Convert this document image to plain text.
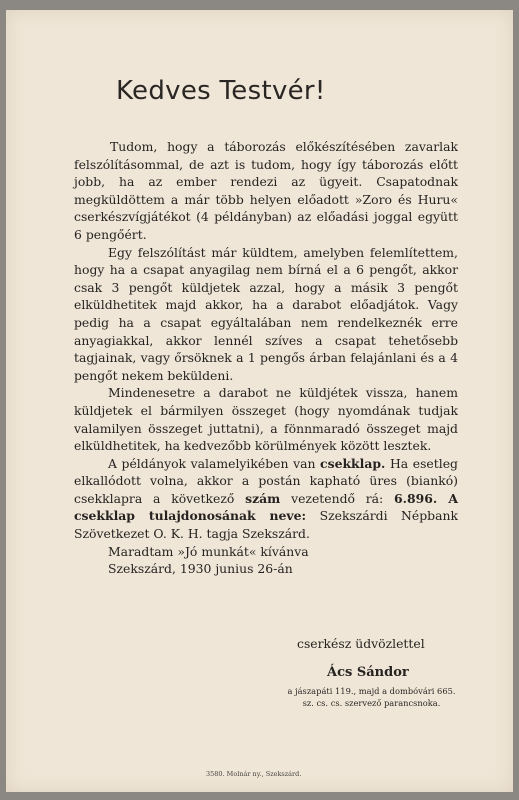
Kedves Testvér!

Tudom, hogy a táborozás előkészítésében zavarlak felszólításommal, de azt is tudom, hogy így táborozás előtt jobb, ha az ember rendezi az ügyeit. Csapatodnak megküldöttem a már több helyen előadott »Zoro és Huru« cserkészvígjátékot (4 példányban) az előadási joggal együtt 6 pengőért.

Egy felszólítást már küldtem, amelyben felemlítettem, hogy ha a csapat anyagilag nem bírná el a 6 pengőt, akkor csak 3 pengőt küldjetek azzal, hogy a másik 3 pengőt elküldhetitek majd akkor, ha a darabot előadjátok. Vagy pedig ha a csapat egyáltalában nem rendelkeznék erre anyagiakkal, akkor lennél szíves a csapat tehetősebb tagjainak, vagy őrsöknek a 1 pengős árban felajánlani és a 4 pengőt nekem beküldeni.

Mindenesetre a darabot ne küldjétek vissza, hanem küldjetek el bármilyen összeget (hogy nyomdának tudjak valamilyen összeget juttatni), a fönnmaradó összeget majd elküldhetitek, ha kedvezőbb körülmények között lesztek.

A példányok valamelyikében van csekklap. Ha esetleg elkallódott volna, akkor a postán kapható üres (biankó) csekklapra a következő szám vezetendő rá: 6.896. A csekklap tulajdonosának neve: Szekszárdi Népbank Szövetkezet O. K. H. tagja Szekszárd.

Maradtam »Jó munkát« kívánva

Szekszárd, 1930 junius 26-án

cserkész üdvözlettel
Ács Sándor
a jászapáti 119., majd a dombóvári 665. sz. cs. cs. szervező parancsnoka.
3580. Molnár ny., Szekszárd.
